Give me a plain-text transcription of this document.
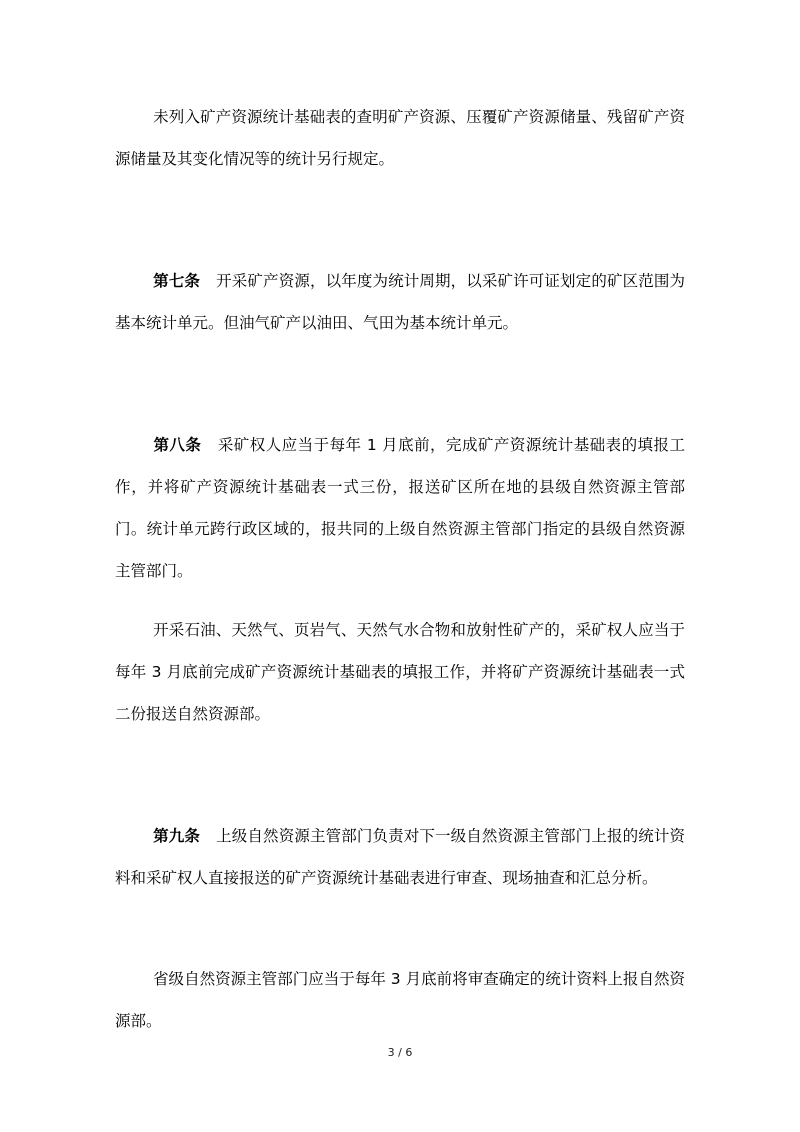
未列入矿产资源统计基础表的查明矿产资源、压覆矿产资源储量、残留矿产资源储量及其变化情况等的统计另行规定。

第七条 开采矿产资源，以年度为统计周期，以采矿许可证划定的矿区范围为基本统计单元。但油气矿产以油田、气田为基本统计单元。

第八条 采矿权人应当于每年 1 月底前，完成矿产资源统计基础表的填报工作，并将矿产资源统计基础表一式三份，报送矿区所在地的县级自然资源主管部门。统计单元跨行政区域的，报共同的上级自然资源主管部门指定的县级自然资源主管部门。

开采石油、天然气、页岩气、天然气水合物和放射性矿产的，采矿权人应当于每年 3 月底前完成矿产资源统计基础表的填报工作，并将矿产资源统计基础表一式二份报送自然资源部。

第九条 上级自然资源主管部门负责对下一级自然资源主管部门上报的统计资料和采矿权人直接报送的矿产资源统计基础表进行审查、现场抽查和汇总分析。

省级自然资源主管部门应当于每年 3 月底前将审查确定的统计资料上报自然资源部。

3 / 6
